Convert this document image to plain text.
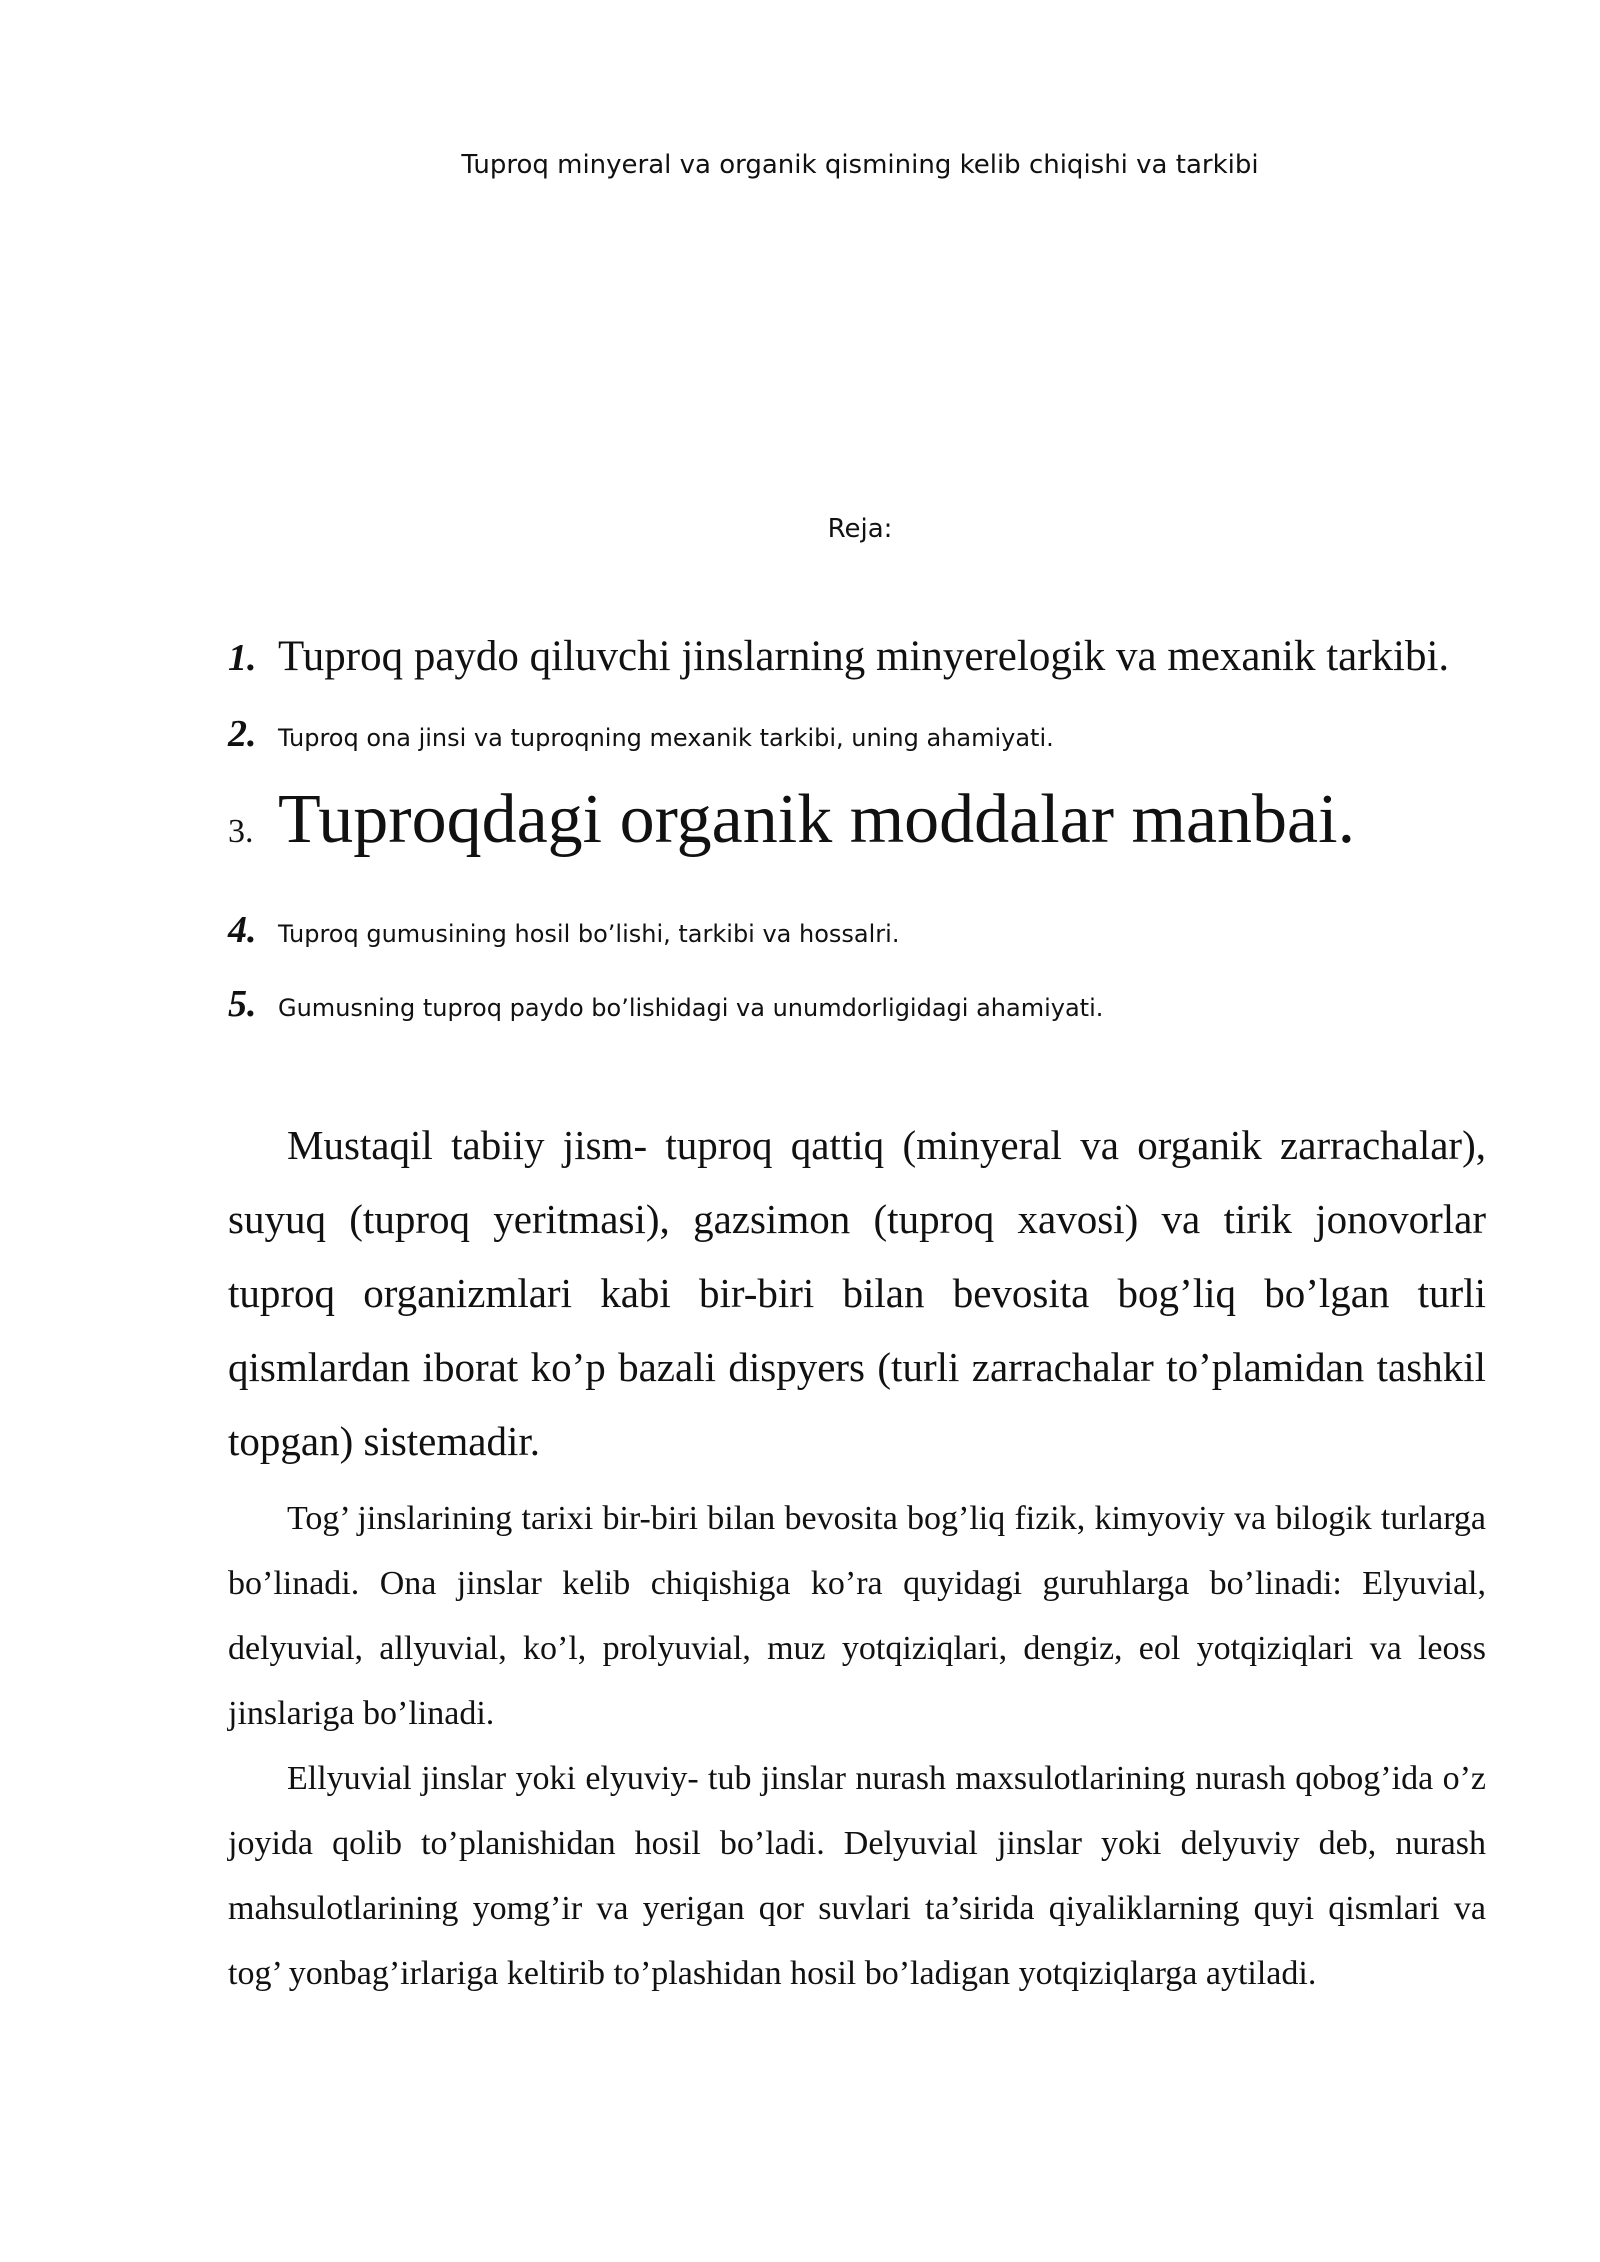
Tuproq minyeral va organik qismining kelib chiqishi va tarkibi
Reja:
1. Tuproq paydo qiluvchi jinslarning minyerelogik va mexanik tarkibi.
2. Tuproq ona jinsi va tuproqning mexanik tarkibi, uning ahamiyati.
3. Tuproqdagi organik moddalar manbai.
4. Tuproq gumusining hosil bo’lishi, tarkibi va hossalri.
5. Gumusning tuproq paydo bo’lishidagi va unumdorligidagi ahamiyati.

Mustaqil tabiiy jism- tuproq qattiq (minyeral va organik zarrachalar), suyuq (tuproq yeritmasi), gazsimon (tuproq xavosi) va tirik jonovorlar tuproq organizmlari kabi bir-biri bilan bevosita bog’liq bo’lgan turli qismlardan iborat ko’p bazali dispyers (turli zarrachalar to’plamidan tashkil topgan) sistemadir.

Tog’ jinslarining tarixi bir-biri bilan bevosita bog’liq fizik, kimyoviy va bilogik turlarga bo’linadi. Ona jinslar kelib chiqishiga ko’ra quyidagi guruhlarga bo’linadi: Elyuvial, delyuvial, allyuvial, ko’l, prolyuvial, muz yotqiziqlari, dengiz, eol yotqiziqlari va leoss jinslariga bo’linadi.

Ellyuvial jinslar yoki elyuviy- tub jinslar nurash maxsulotlarining nurash qobog’ida o’z joyida qolib to’planishidan hosil bo’ladi. Delyuvial jinslar yoki delyuviy deb, nurash mahsulotlarining yomg’ir va yerigan qor suvlari ta’sirida qiyaliklarning quyi qismlari va tog’ yonbag’irlariga keltirib to’plashidan hosil bo’ladigan yotqiziqlarga aytiladi.
